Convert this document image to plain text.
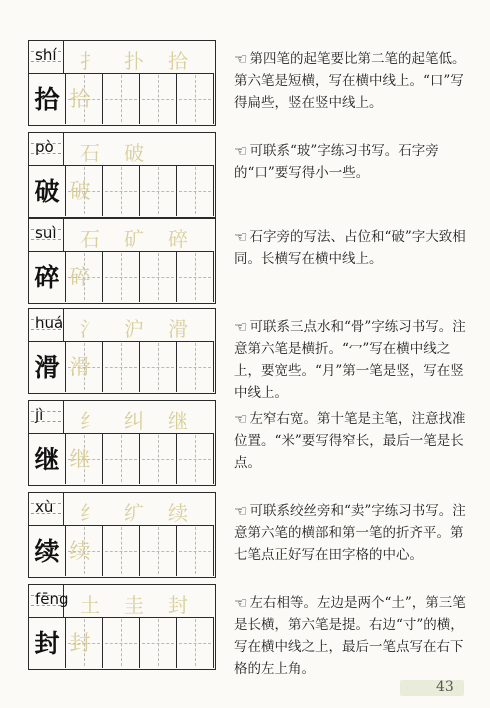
shí	扌	扑	拾
拾 拾
☜ 第四笔的起笔要比第二笔的起笔低。第六笔是短横，写在横中线上。“口”写得扁些，竖在竖中线上。
pò	石	破
破 破
☜ 可联系“玻”字练习书写。石字旁的“口”要写得小一些。
suì	石	矿	碎
碎 碎
☜ 石字旁的写法、占位和“破”字大致相同。长横写在横中线上。
huá 氵	沪	滑
滑 滑
☜ 可联系三点水和“骨”字练习书写。注意第六笔是横折。“冖”写在横中线之上，要宽些。“月”第一笔是竖，写在竖中线上。
jì	纟	纠	继
继 继
☜ 左窄右宽。第十笔是主笔，注意找准位置。“米”要写得窄长，最后一笔是长点。
xù	纟	纩	续
续 续
☜ 可联系绞丝旁和“卖”字练习书写。注意第六笔的横部和第一笔的折齐平。第七笔点正好写在田字格的中心。
fēng 土	圭	封
封 封
☜ 左右相等。左边是两个“土”，第三笔是长横，第六笔是提。右边“寸”的横，写在横中线之上，最后一笔点写在右下格的左上角。
43
